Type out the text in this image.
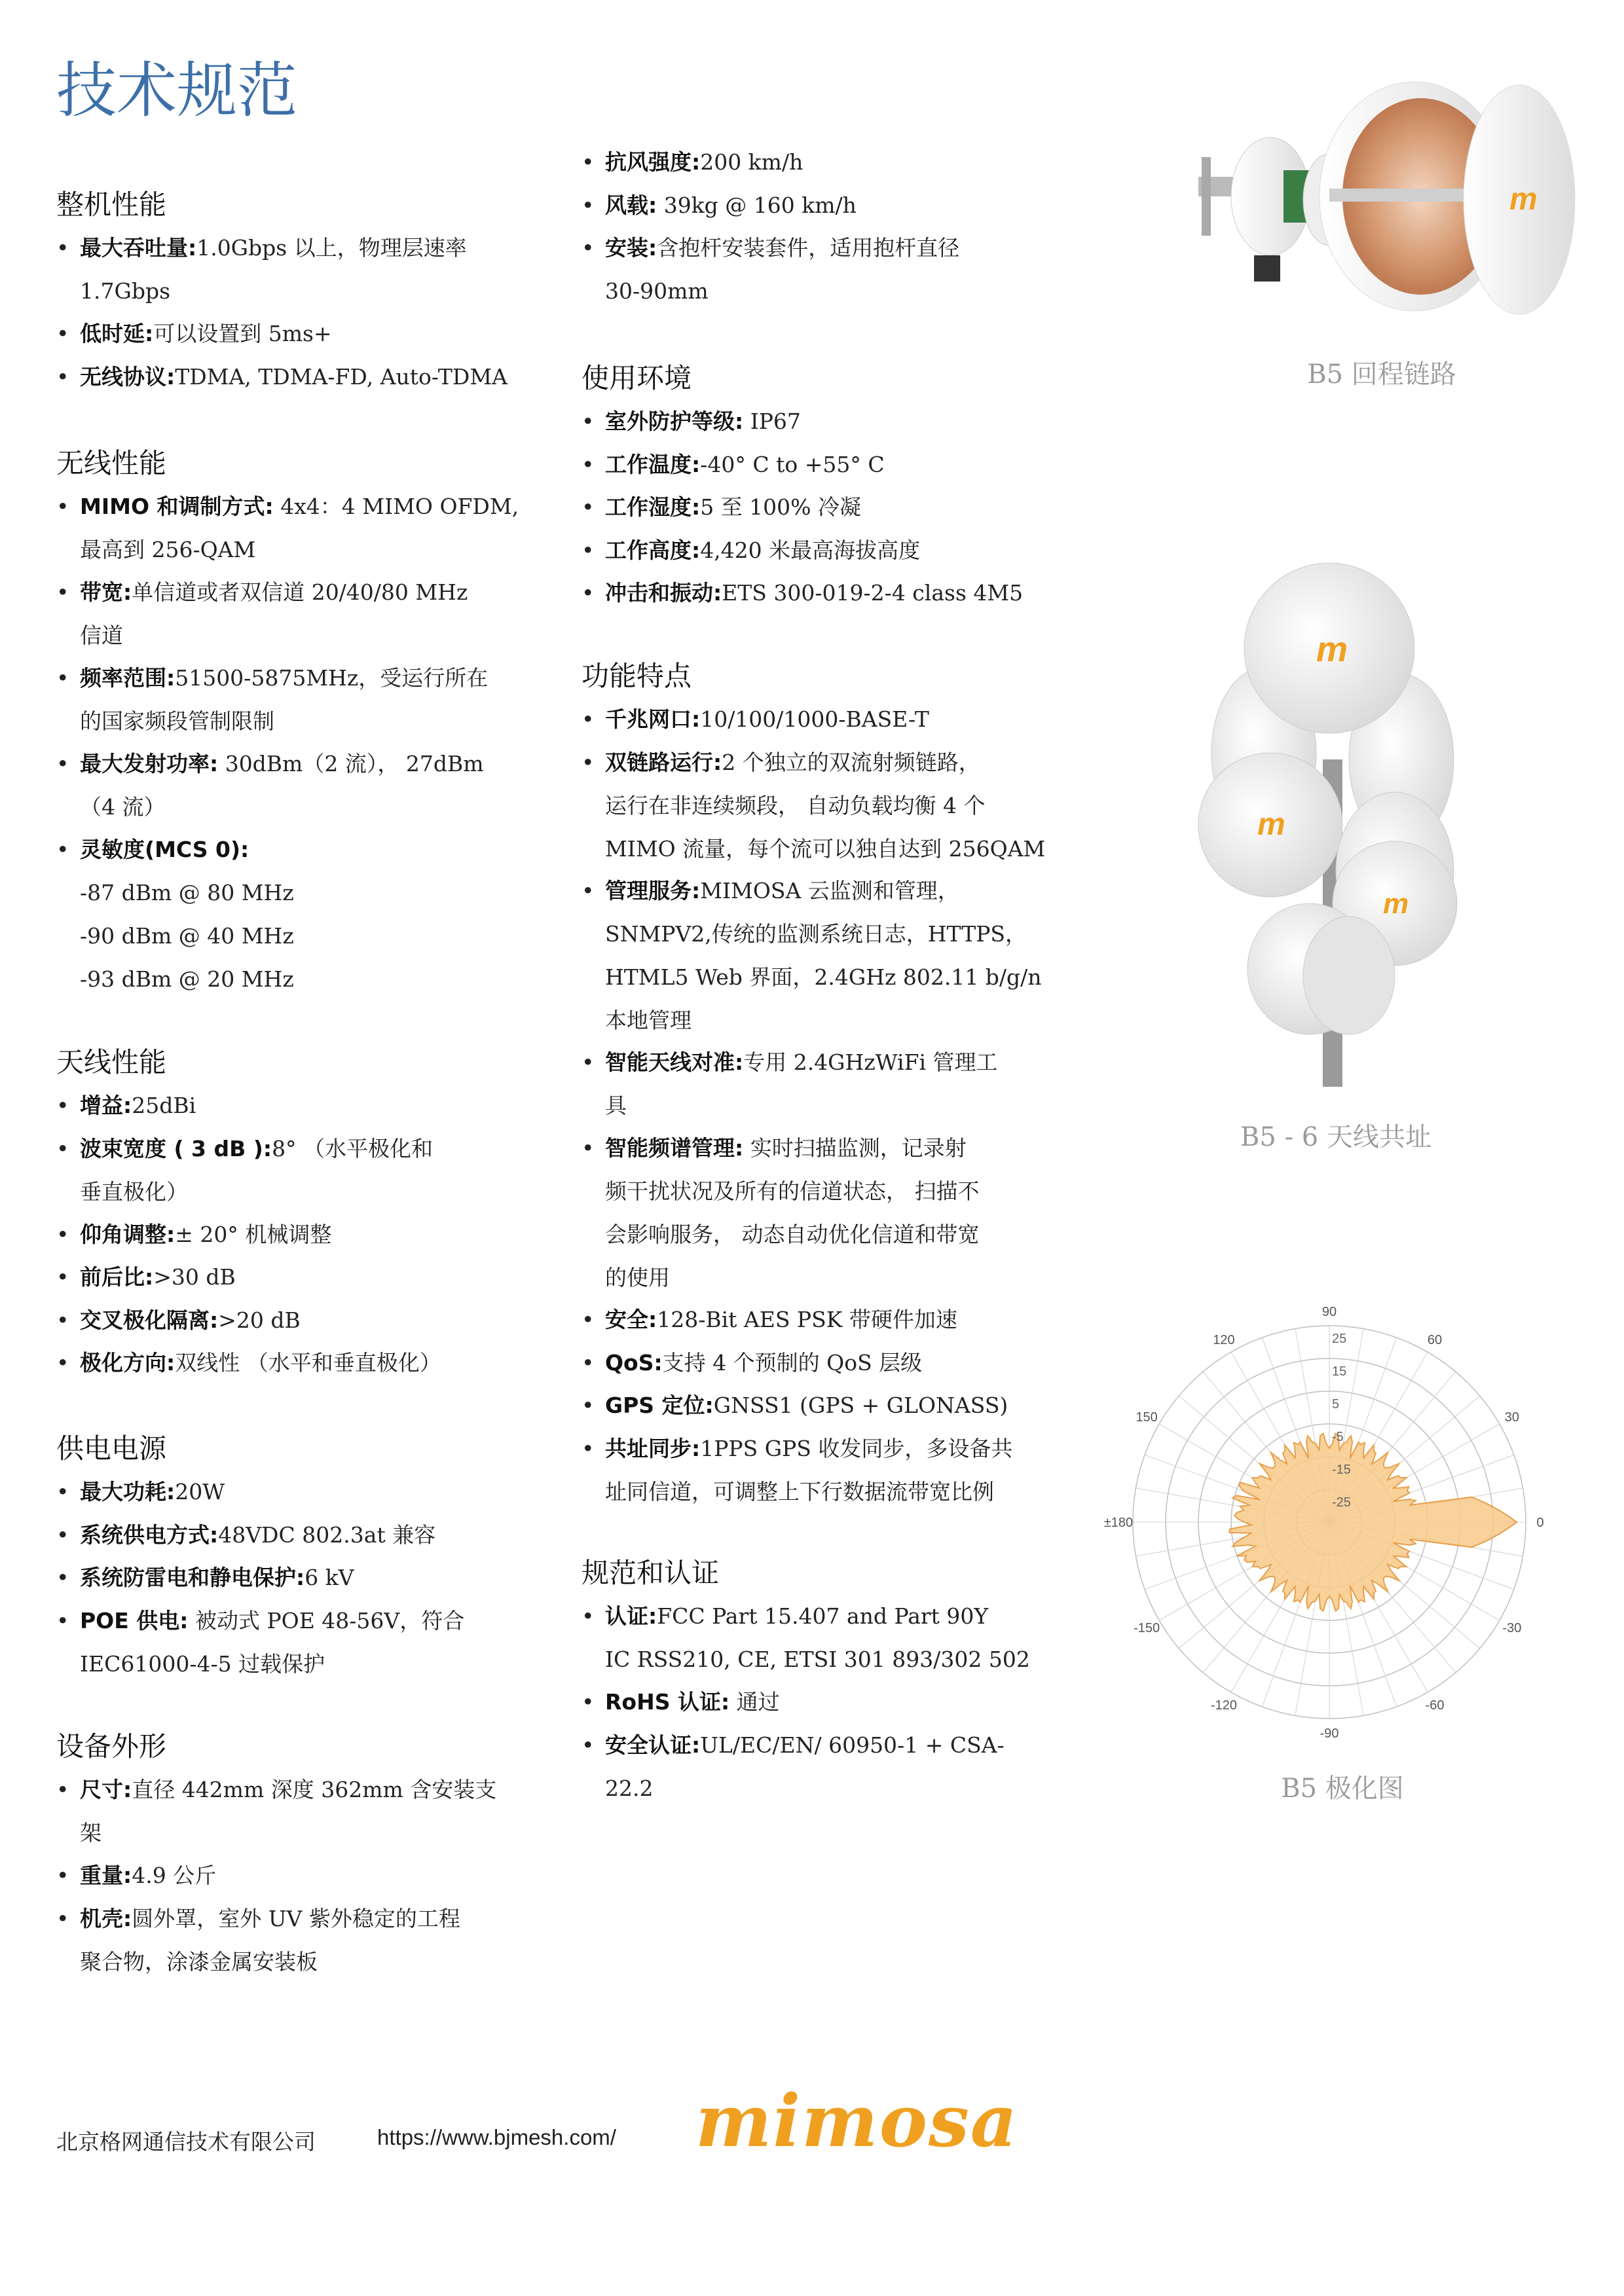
技术规范
整机性能
无线性能
天线性能
供电电源
设备外形
使用环境
功能特点
规范和认证
• 最大吞吐量:1.0Gbps 以上，物理层速率
1.7Gbps
• 低时延:可以设置到 5ms+
• 无线协议:TDMA, TDMA-FD, Auto-TDMA
• MIMO 和调制方式: 4x4：4 MIMO OFDM,
最高到 256-QAM
• 带宽:单信道或者双信道 20/40/80 MHz
信道
• 频率范围:51500-5875MHz，受运行所在
的国家频段管制限制
• 最大发射功率: 30dBm（2 流）， 27dBm
（4 流）
• 灵敏度(MCS 0):
-87 dBm @ 80 MHz
-90 dBm @ 40 MHz
-93 dBm @ 20 MHz
• 增益:25dBi
• 波束宽度 ( 3 dB ):8° （水平极化和
垂直极化）
• 仰角调整:± 20° 机械调整
• 前后比:>30 dB
• 交叉极化隔离:>20 dB
• 极化方向:双线性 （水平和垂直极化）
• 最大功耗:20W
• 系统供电方式:48VDC 802.3at 兼容
• 系统防雷电和静电保护:6 kV
• POE 供电: 被动式 POE 48-56V，符合
IEC61000-4-5 过载保护
• 尺寸:直径 442mm 深度 362mm 含安装支
架
• 重量:4.9 公斤
• 机壳:圆外罩，室外 UV 紫外稳定的工程
聚合物，涂漆金属安装板
• 抗风强度:200 km/h
• 风载: 39kg @ 160 km/h
• 安装:含抱杆安装套件，适用抱杆直径
30-90mm
• 室外防护等级: IP67
• 工作温度:-40° C to +55° C
• 工作湿度:5 至 100% 冷凝
• 工作高度:4,420 米最高海拔高度
• 冲击和振动:ETS 300-019-2-4 class 4M5
• 千兆网口:10/100/1000-BASE-T
• 双链路运行:2 个独立的双流射频链路，
运行在非连续频段， 自动负载均衡 4 个
MIMO 流量，每个流可以独自达到 256QAM
• 管理服务:MIMOSA 云监测和管理，
SNMPV2,传统的监测系统日志，HTTPS，
HTML5 Web 界面，2.4GHz 802.11 b/g/n
本地管理
• 智能天线对准:专用 2.4GHzWiFi 管理工
具
• 智能频谱管理: 实时扫描监测，记录射
频干扰状况及所有的信道状态， 扫描不
会影响服务， 动态自动优化信道和带宽
的使用
• 安全:128-Bit AES PSK 带硬件加速
• QoS:支持 4 个预制的 QoS 层级
• GPS 定位:GNSS1 (GPS + GLONASS)
• 共址同步:1PPS GPS 收发同步，多设备共
址同信道，可调整上下行数据流带宽比例
• 认证:FCC Part 15.407 and Part 90Y
IC RSS210, CE, ETSI 301 893/302 502
• RoHS 认证: 通过
• 安全认证:UL/EC/EN/ 60950-1 + CSA-
22.2
m
B5 回程链路
m
m
m
B5 - 6 天线共址
25
15
5
-5
-15
-25
90
60
30
0
-30
-60
-90
-120
-150
±180
150
120
B5 极化图
北京格网通信技术有限公司	https://www.bjmesh.com/ mimosa
